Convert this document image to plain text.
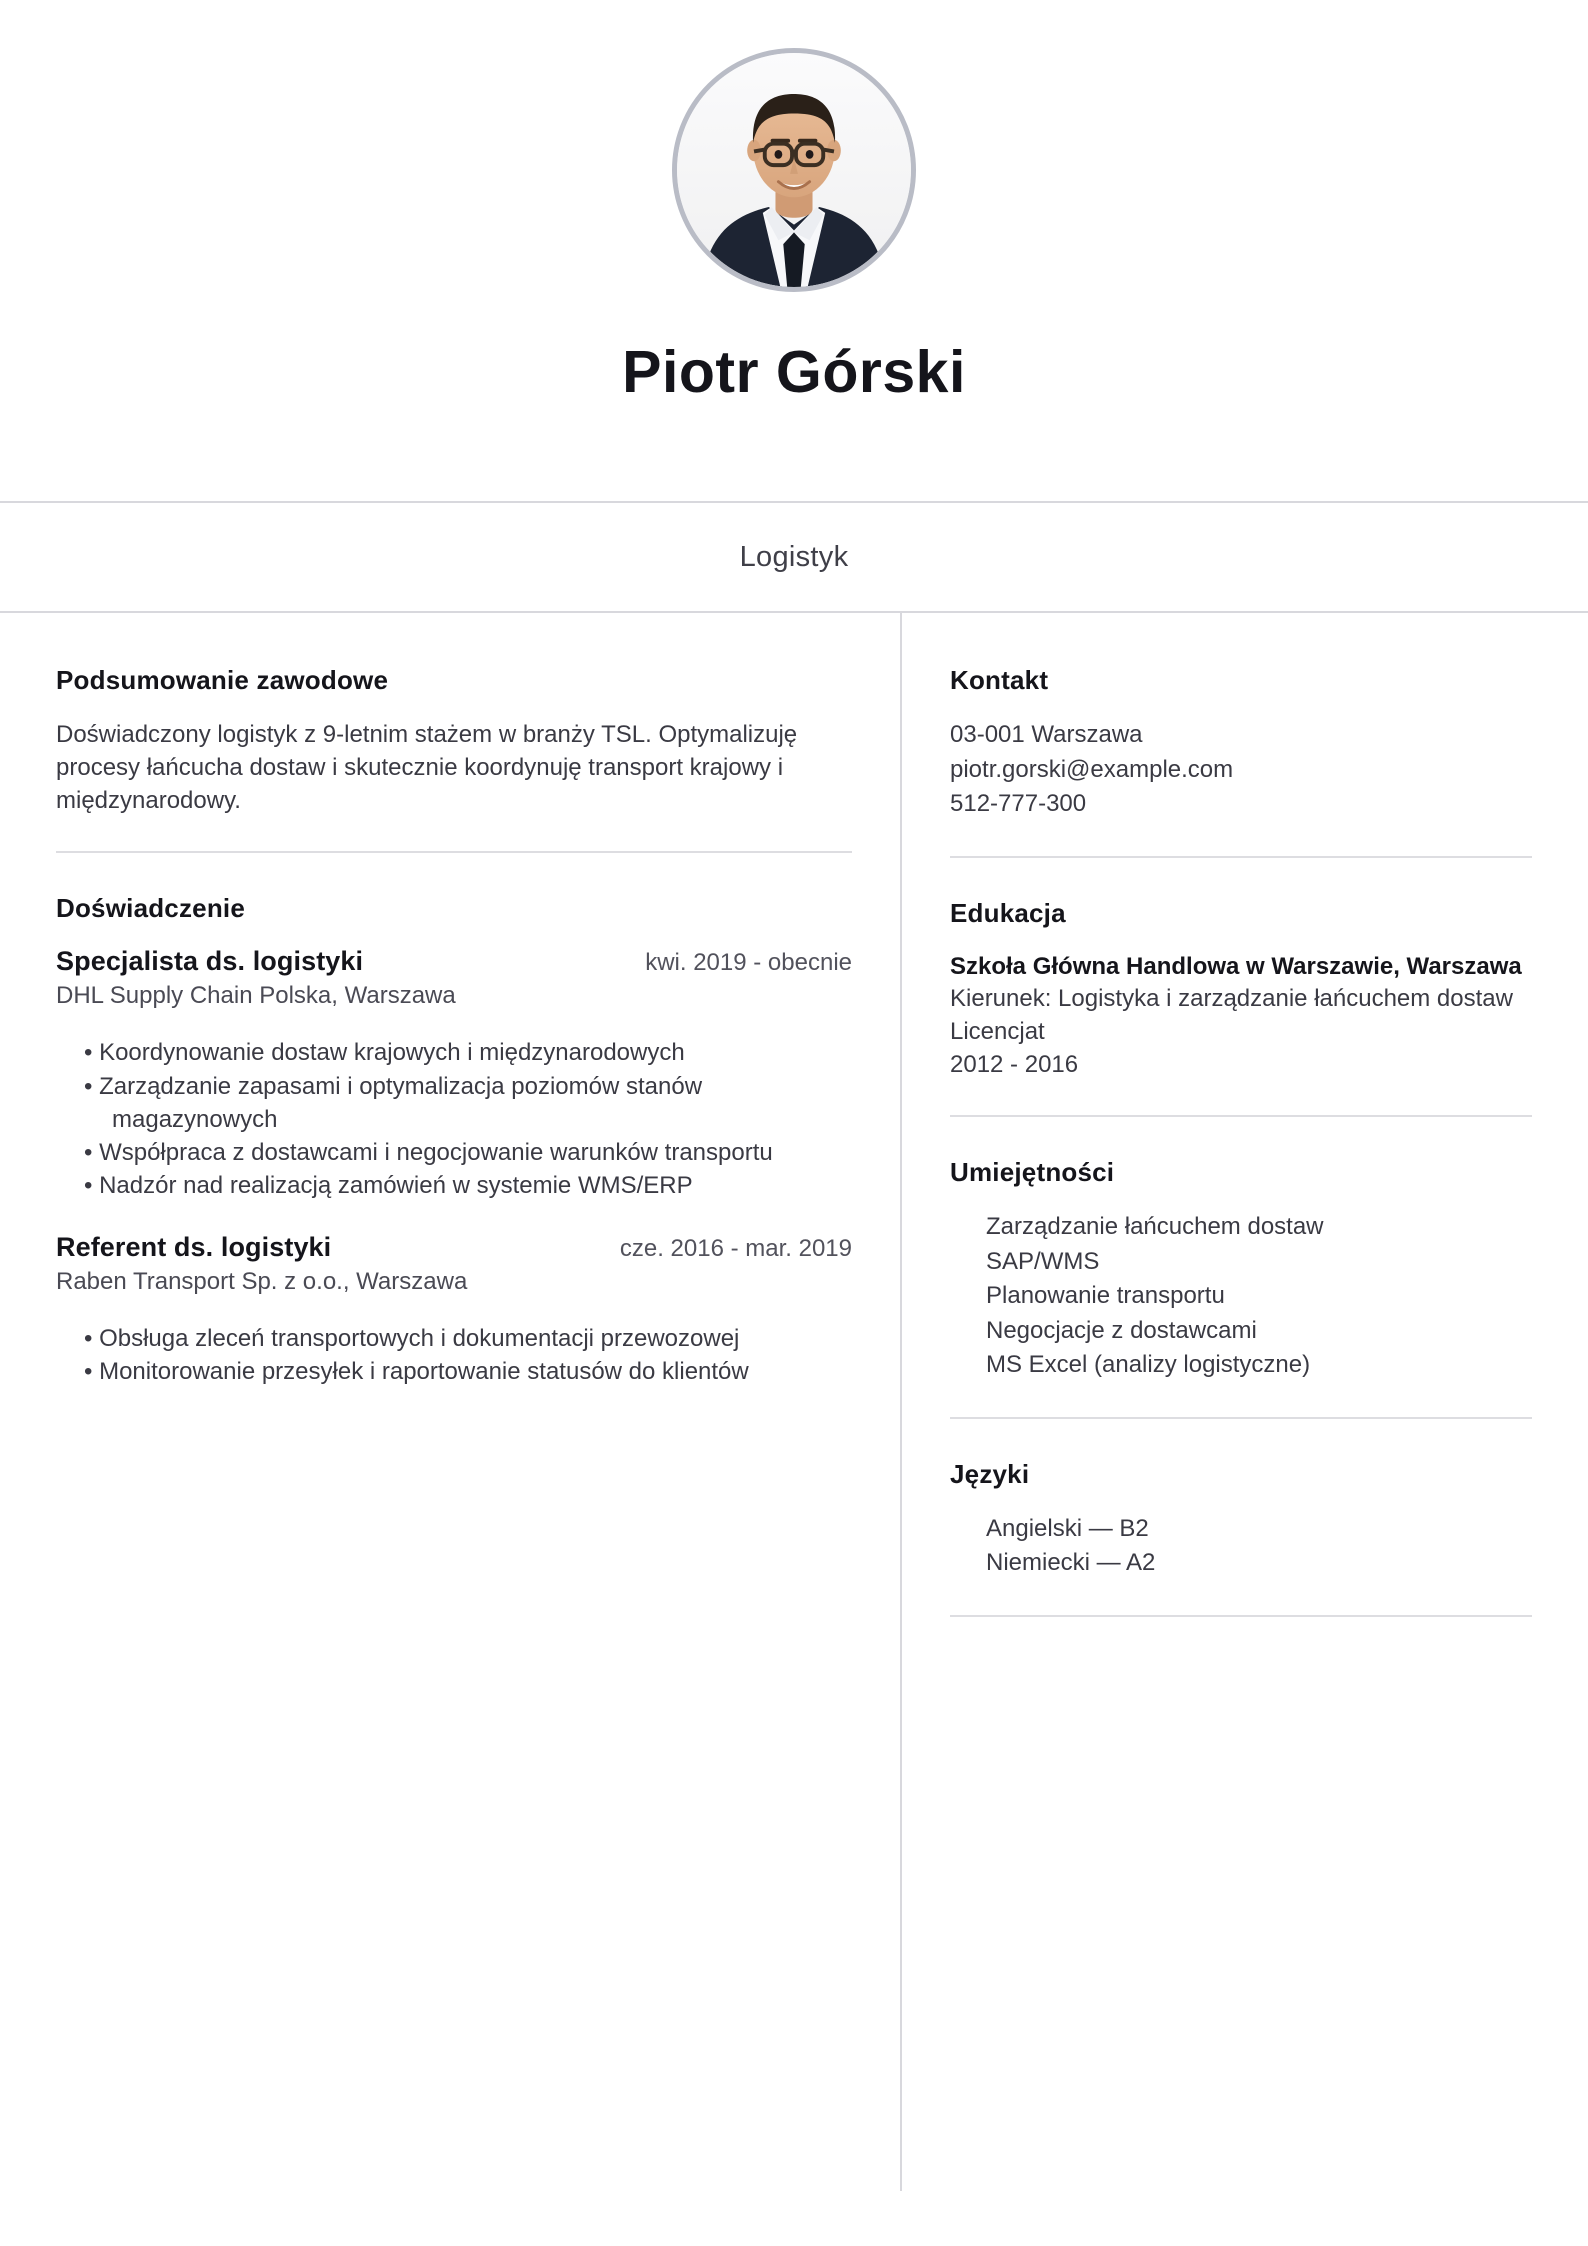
Piotr Górski
Logistyk
Podsumowanie zawodowe
Doświadczony logistyk z 9-letnim stażem w branży TSL. Optymalizuję procesy łańcucha dostaw i skutecznie koordynuję transport krajowy i międzynarodowy.
Doświadczenie
Specjalista ds. logistyki	kwi. 2019 - obecnie
DHL Supply Chain Polska, Warszawa
• Koordynowanie dostaw krajowych i międzynarodowych
• Zarządzanie zapasami i optymalizacja poziomów stanów magazynowych
• Współpraca z dostawcami i negocjowanie warunków transportu
• Nadzór nad realizacją zamówień w systemie WMS/ERP
Referent ds. logistyki	cze. 2016 - mar. 2019
Raben Transport Sp. z o.o., Warszawa
• Obsługa zleceń transportowych i dokumentacji przewozowej
• Monitorowanie przesyłek i raportowanie statusów do klientów
Kontakt
03-001 Warszawa
piotr.gorski@example.com
512-777-300
Edukacja
Szkoła Główna Handlowa w Warszawie, Warszawa
Kierunek: Logistyka i zarządzanie łańcuchem dostaw
Licencjat
2012 - 2016
Umiejętności
Zarządzanie łańcuchem dostaw
SAP/WMS
Planowanie transportu
Negocjacje z dostawcami
MS Excel (analizy logistyczne)
Języki
Angielski — B2
Niemiecki — A2
